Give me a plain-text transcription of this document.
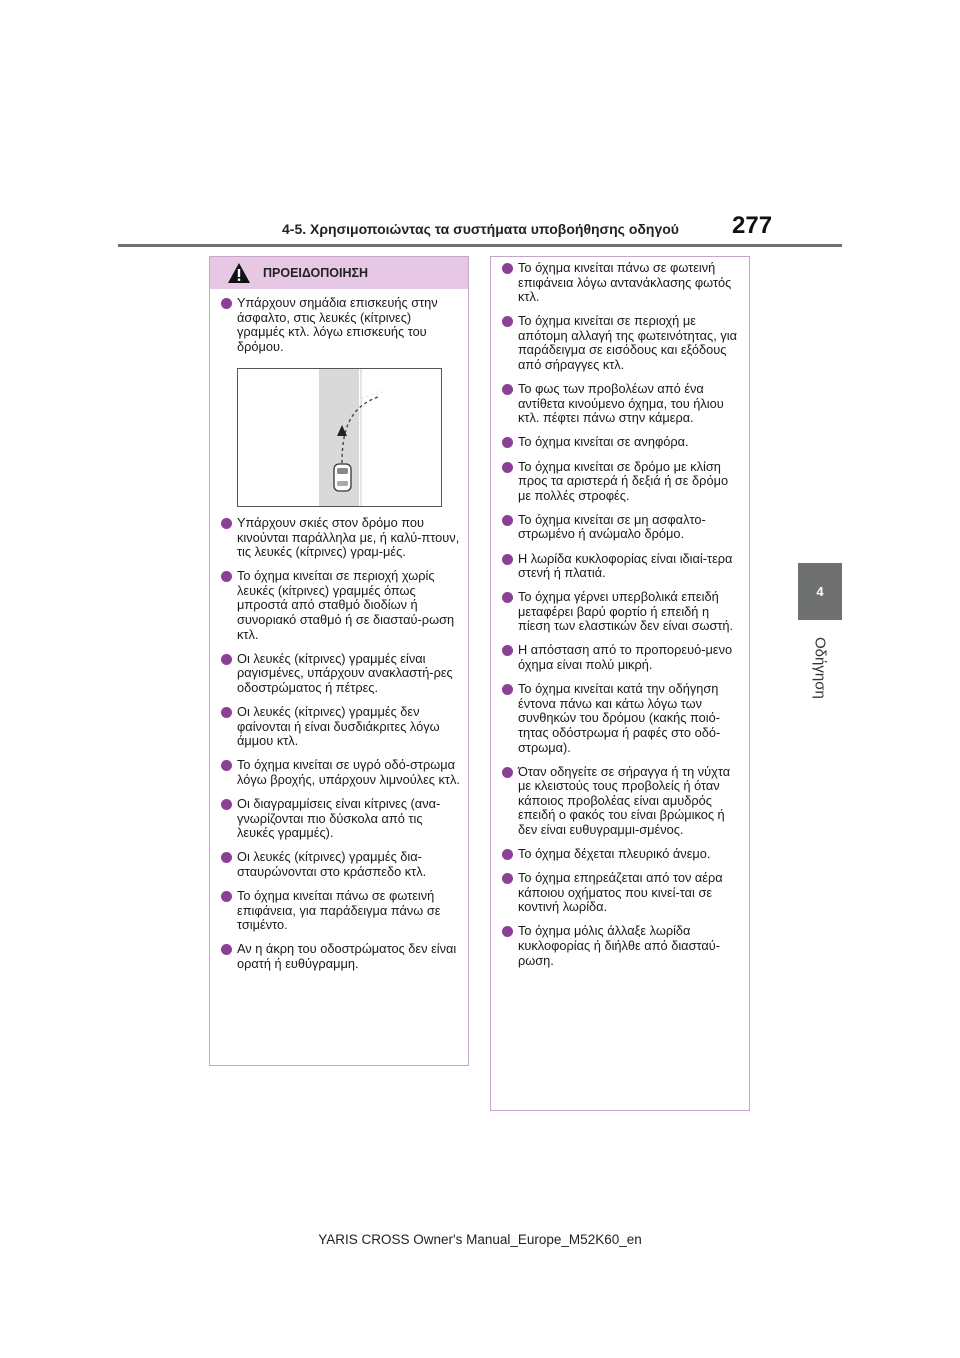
4-5. Χρησιμοποιώντας τα συστήματα υποβοήθησης οδηγού 277
4
Οδήγηση
ΠΡΟΕΙΔΟΠΟΙΗΣΗ
Υπάρχουν σημάδια επισκευής στην άσφαλτο, στις λευκές (κίτρινες) γραμμές κτλ. λόγω επισκευής του δρόμου.
Υπάρχουν σκιές στον δρόμο που κινούνται παράλληλα με, ή καλύ-πτουν, τις λευκές (κίτρινες) γραμ-μές.
Το όχημα κινείται σε περιοχή χωρίς λευκές (κίτρινες) γραμμές όπως μπροστά από σταθμό διοδίων ή συνοριακό σταθμό ή σε διασταύ-ρωση κτλ.
Οι λευκές (κίτρινες) γραμμές είναι ραγισμένες, υπάρχουν ανακλαστή-ρες οδοστρώματος ή πέτρες.
Οι λευκές (κίτρινες) γραμμές δεν φαίνονται ή είναι δυσδιάκριτες λόγω άμμου κτλ.
Το όχημα κινείται σε υγρό οδό-στρωμα λόγω βροχής, υπάρχουν λιμνούλες κτλ.
Οι διαγραμμίσεις είναι κίτρινες (ανα-γνωρίζονται πιο δύσκολα από τις λευκές γραμμές).
Οι λευκές (κίτρινες) γραμμές δια-σταυρώνονται στο κράσπεδο κτλ.
Το όχημα κινείται πάνω σε φωτεινή επιφάνεια, για παράδειγμα πάνω σε τσιμέντο.
Αν η άκρη του οδοστρώματος δεν είναι ορατή ή ευθύγραμμη.
Το όχημα κινείται πάνω σε φωτεινή επιφάνεια λόγω αντανάκλασης φωτός κτλ.
Το όχημα κινείται σε περιοχή με απότομη αλλαγή της φωτεινότητας, για παράδειγμα σε εισόδους και εξόδους από σήραγγες κτλ.
Το φως των προβολέων από ένα αντίθετα κινούμενο όχημα, του ήλιου κτλ. πέφτει πάνω στην κάμερα.
Το όχημα κινείται σε ανηφόρα.
Το όχημα κινείται σε δρόμο με κλίση προς τα αριστερά ή δεξιά ή σε δρόμο με πολλές στροφές.
Το όχημα κινείται σε μη ασφαλτο-στρωμένο ή ανώμαλο δρόμο.
Η λωρίδα κυκλοφορίας είναι ιδιαί-τερα στενή ή πλατιά.
Το όχημα γέρνει υπερβολικά επειδή μεταφέρει βαρύ φορτίο ή επειδή η πίεση των ελαστικών δεν είναι σωστή.
Η απόσταση από το προπορευό-μενο όχημα είναι πολύ μικρή.
Το όχημα κινείται κατά την οδήγηση έντονα πάνω και κάτω λόγω των συνθηκών του δρόμου (κακής ποιό-τητας οδόστρωμα ή ραφές στο οδό-στρωμα).
Όταν οδηγείτε σε σήραγγα ή τη νύχτα με κλειστούς τους προβολείς ή όταν κάποιος προβολέας είναι αμυδρός επειδή ο φακός του είναι βρώμικος ή δεν είναι ευθυγραμμι-σμένος.
Το όχημα δέχεται πλευρικό άνεμο.
Το όχημα επηρεάζεται από τον αέρα κάποιου οχήματος που κινεί-ται σε κοντινή λωρίδα.
Το όχημα μόλις άλλαξε λωρίδα κυκλοφορίας ή διήλθε από διασταύ-ρωση.
YARIS CROSS Owner's Manual_Europe_M52K60_en
